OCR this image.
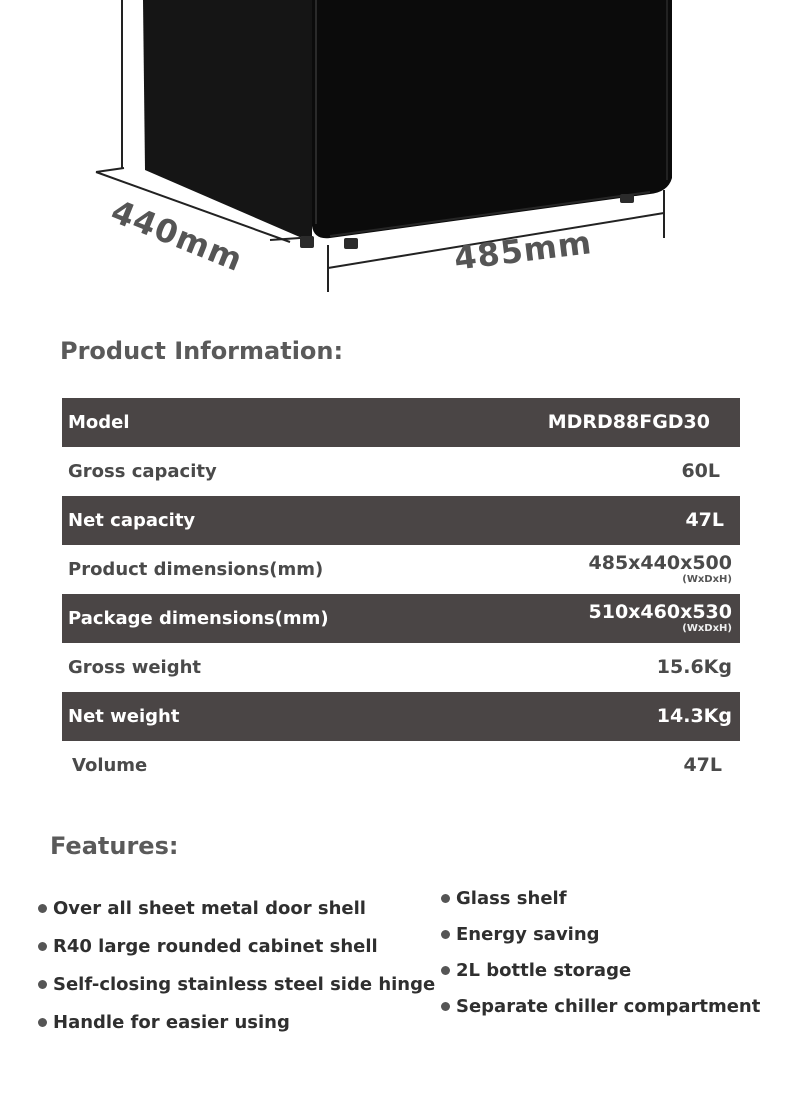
440mm	485mm
Product Information:
Model	MDRD88FGD30
Gross capacity	60L
Net capacity	47L
Product dimensions(mm)	485x440x500
(WxDxH)
Package dimensions(mm)	510x460x530
(WxDxH)
Gross weight	15.6Kg
Net weight	14.3Kg
Volume	47L
Features:
Over all sheet metal door shell
R40 large rounded cabinet shell
Self-closing stainless steel side hinge
Handle for easier using
Glass shelf
Energy saving
2L bottle storage
Separate chiller compartment
